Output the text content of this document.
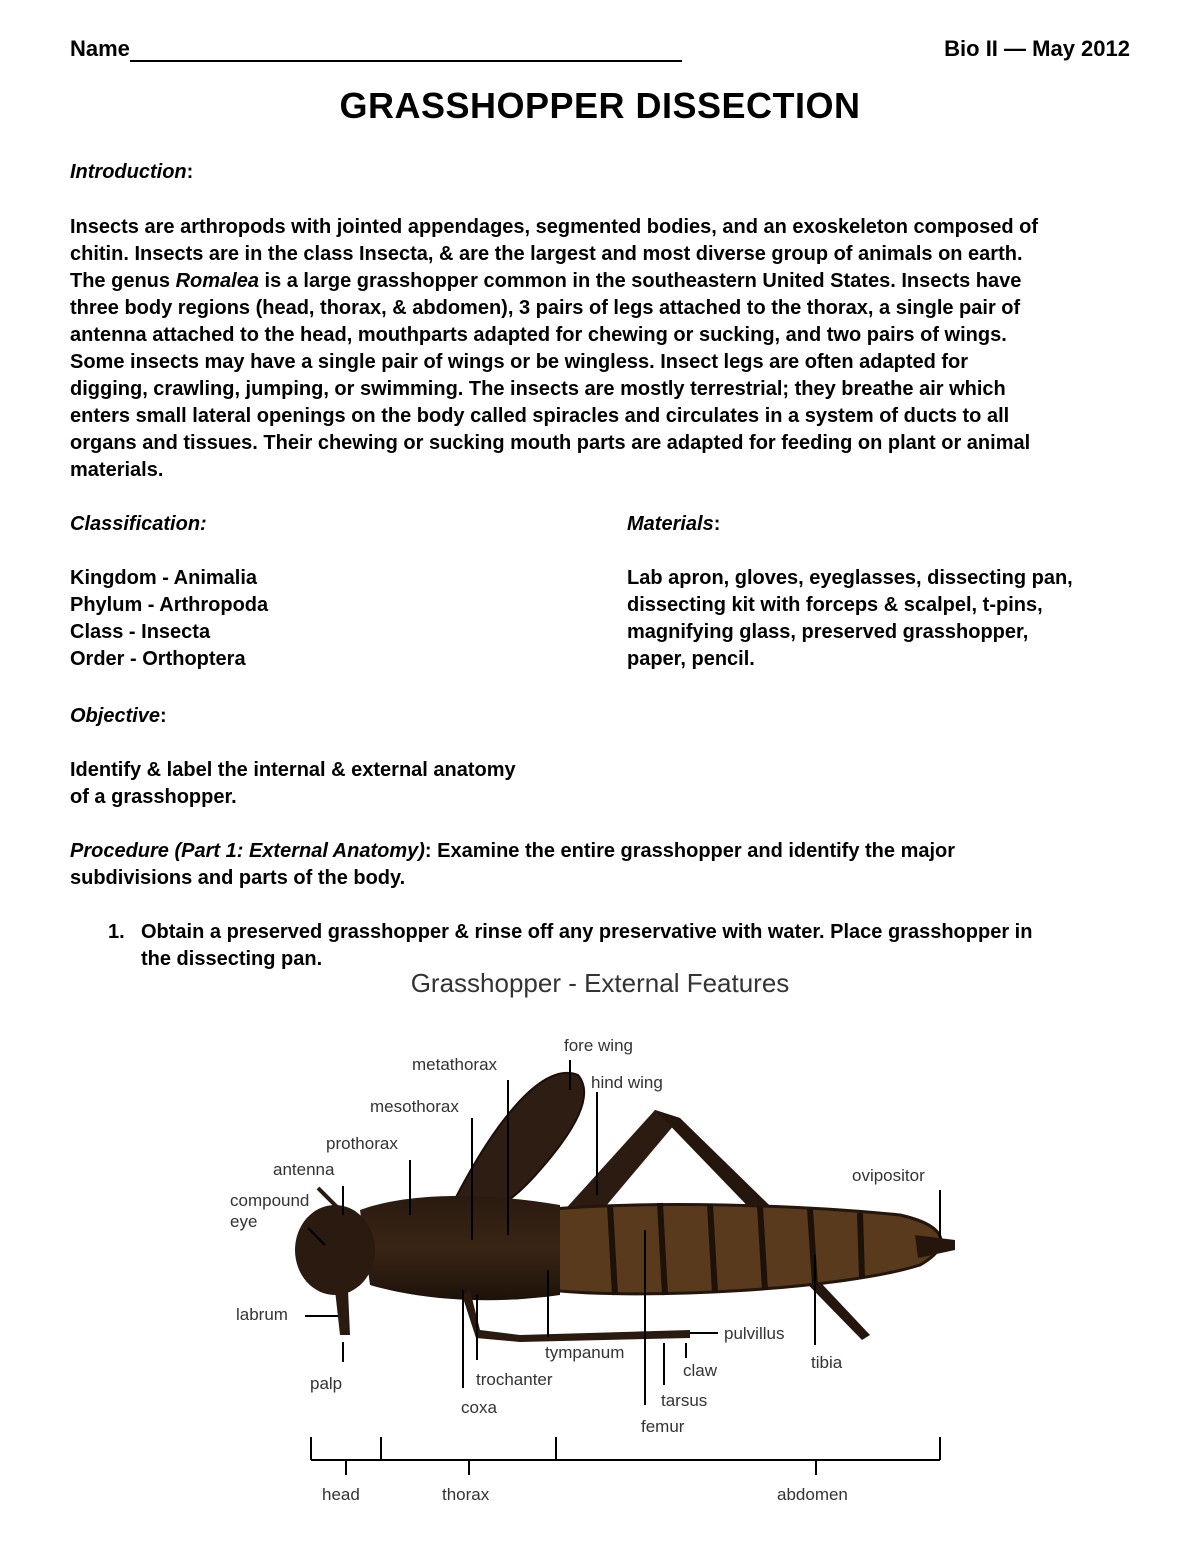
Name	Bio II — May 2012
GRASSHOPPER DISSECTION
Introduction:
Insects are arthropods with jointed appendages, segmented bodies, and an exoskeleton composed of
chitin. Insects are in the class Insecta, & are the largest and most diverse group of animals on earth.
The genus Romalea is a large grasshopper common in the southeastern United States. Insects have
three body regions (head, thorax, & abdomen), 3 pairs of legs attached to the thorax, a single pair of
antenna attached to the head, mouthparts adapted for chewing or sucking, and two pairs of wings.
Some insects may have a single pair of wings or be wingless. Insect legs are often adapted for
digging, crawling, jumping, or swimming. The insects are mostly terrestrial; they breathe air which
enters small lateral openings on the body called spiracles and circulates in a system of ducts to all
organs and tissues. Their chewing or sucking mouth parts are adapted for feeding on plant or animal
materials.
Classification:
Kingdom - Animalia
Phylum - Arthropoda
Class - Insecta
Order - Orthoptera
Materials:
Lab apron, gloves, eyeglasses, dissecting pan,
dissecting kit with forceps & scalpel, t-pins,
magnifying glass, preserved grasshopper,
paper, pencil.
Objective:
Identify & label the internal & external anatomy
of a grasshopper.
Procedure (Part 1: External Anatomy): Examine the entire grasshopper and identify the major
subdivisions and parts of the body.
1. Obtain a preserved grasshopper & rinse off any preservative with water. Place grasshopper in
the dissecting pan.
Grasshopper - External Features
fore wing
metathorax
hind wing
mesothorax
prothorax
antenna
compound
eye
ovipositor
labrum
palp
pulvillus
tympanum
trochanter	claw	tibia
coxa	tarsus
femur
head	thorax	abdomen
